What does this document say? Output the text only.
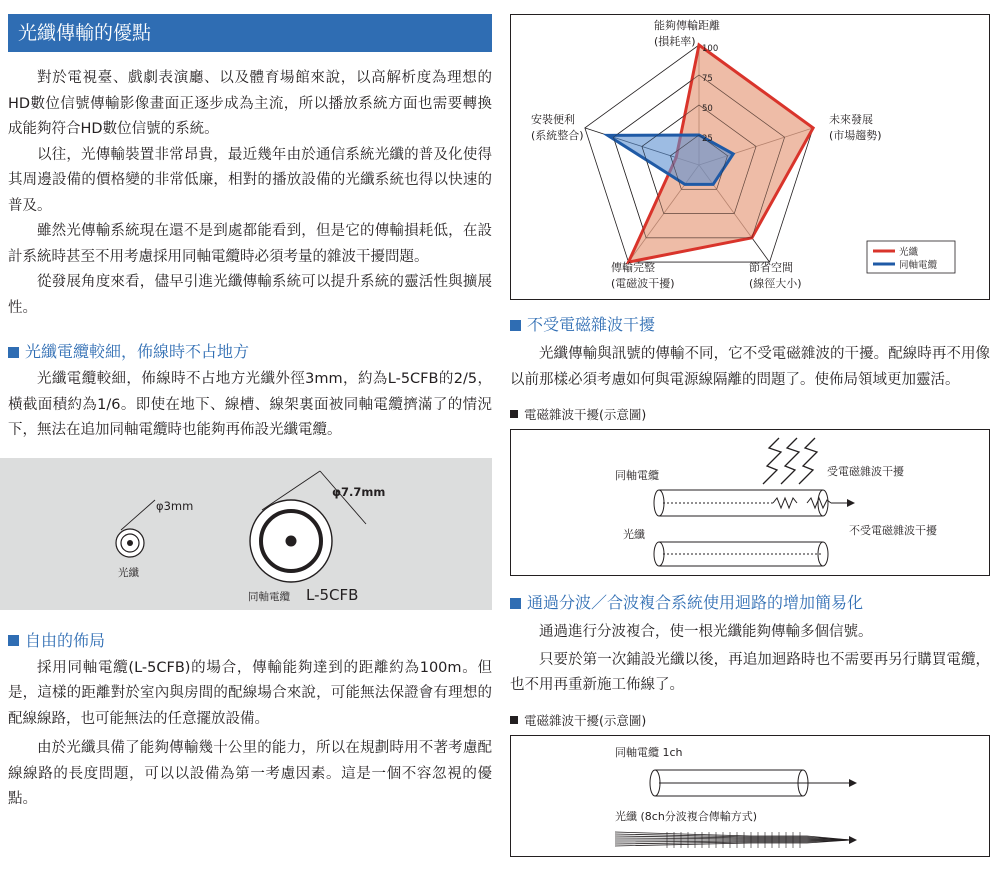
光纖傳輸的優點

對於電視臺、戲劇表演廳、以及體育場館來說，以高解析度為理想的HD數位信號傳輸影像畫面正逐步成為主流，所以播放系統方面也需要轉換成能夠符合HD數位信號的系統。

以往，光傳輸裝置非常昂貴，最近幾年由於通信系統光纖的普及化使得其周邊設備的價格變的非常低廉，相對的播放設備的光纖系統也得以快速的普及。

雖然光傳輸系統現在還不是到處都能看到，但是它的傳輸損耗低，在設計系統時甚至不用考慮採用同軸電纜時必須考量的雜波干擾問題。

從發展角度來看，儘早引進光纖傳輸系統可以提升系統的靈活性與擴展性。

光纖電纜較細，佈線時不占地方

光纖電纜較細，佈線時不占地方光纖外徑3mm，約為L-5CFB的2/5，橫截面積約為1/6。即使在地下、線槽、線架裏面被同軸電纜擠滿了的情況下，無法在追加同軸電纜時也能夠再佈設光纖電纜。

φ3mm
光纖
φ7.7mm
同軸電纜 L-5CFB
自由的佈局

採用同軸電纜(L-5CFB)的場合，傳輸能夠達到的距離約為100m。但是，這樣的距離對於室內與房間的配線場合來說，可能無法保證會有理想的配線線路，也可能無法的任意擺放設備。

由於光纖具備了能夠傳輸幾十公里的能力，所以在規劃時用不著考慮配線線路的長度問題，可以以設備為第一考慮因素。這是一個不容忽視的優點。

25
50
75
100
能夠傳輸距離
(損耗率)
未來發展
(市場趨勢)
節省空間
(線徑大小)
傳輸完整
(電磁波干擾)
安裝便利
(系統整合)
光纖
同軸電纜
不受電磁雜波干擾

光纖傳輸與訊號的傳輸不同，它不受電磁雜波的干擾。配線時再不用像以前那樣必須考慮如何與電源線隔離的問題了。使佈局領域更加靈活。

電磁雜波干擾(示意圖)
同軸電纜	受電磁雜波干擾
不受電磁雜波干擾
光纖
通過分波／合波複合系統使用迴路的增加簡易化

通過進行分波複合，使一根光纖能夠傳輸多個信號。

只要於第一次鋪設光纖以後，再追加迴路時也不需要再另行購買電纜，也不用再重新施工佈線了。

電磁雜波干擾(示意圖)
同軸電纜 1ch
光纖 (8ch分波複合傳輸方式)
